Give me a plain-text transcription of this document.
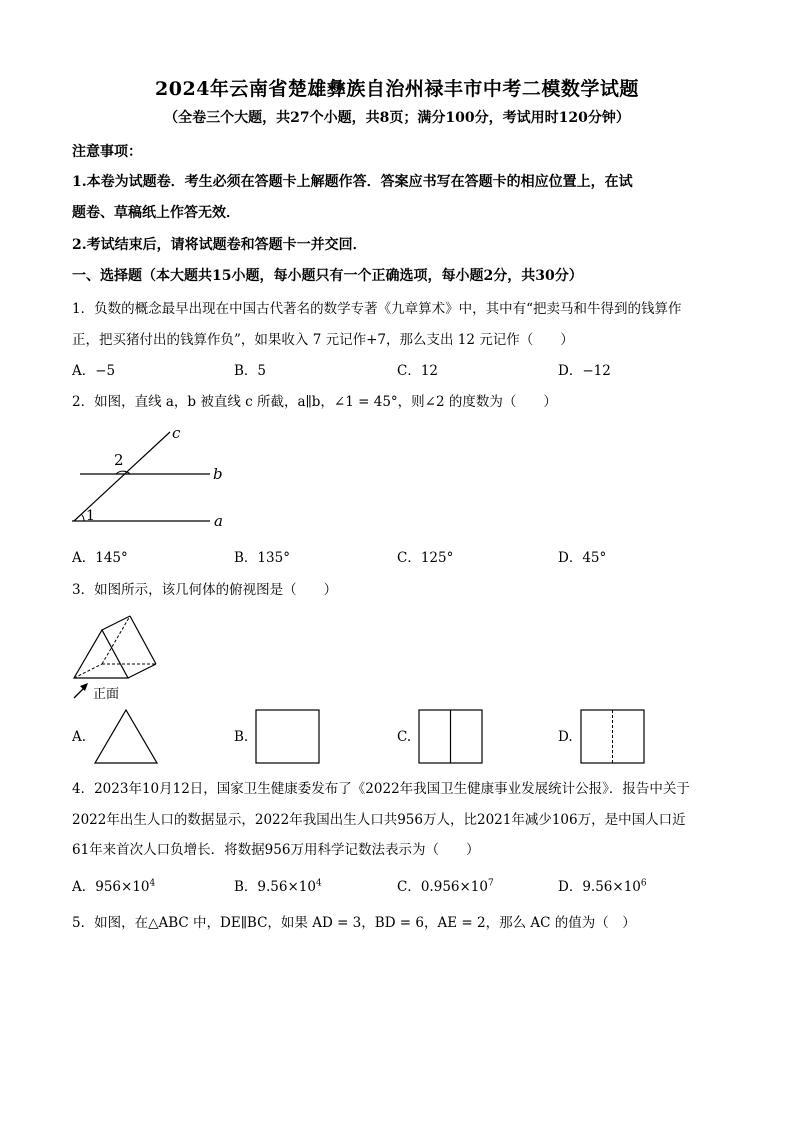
2024年云南省楚雄彝族自治州禄丰市中考二模数学试题
（全卷三个大题，共27个小题，共8页；满分100分，考试用时120分钟）
注意事项：
1.本卷为试题卷．考生必须在答题卡上解题作答．答案应书写在答题卡的相应位置上，在试
题卷、草稿纸上作答无效．
2.考试结束后，请将试题卷和答题卡一并交回．
一、选择题（本大题共15小题，每小题只有一个正确选项，每小题2分，共30分）
1．负数的概念最早出现在中国古代著名的数学专著《九章算术》中，其中有“把卖马和牛得到的钱算作
正，把买猪付出的钱算作负”，如果收入 7 元记作+7，那么支出 12 元记作（　　）
A．−5	B．5	C．12	D．−12
2．如图，直线 a，b 被直线 c 所截，a∥b，∠1 = 45°，则∠2 的度数为（　　）
c
b
a
1
2
A．145°	B．135°	C．125°	D．45°
3．如图所示，该几何体的俯视图是（　　）
正面
A.	B.	C.	D.
4．2023年10月12日，国家卫生健康委发布了《2022年我国卫生健康事业发展统计公报》．报告中关于
2022年出生人口的数据显示，2022年我国出生人口共956万人，比2021年减少106万，是中国人口近
61年来首次人口负增长．将数据956万用科学记数法表示为（　　）
A．$956\times 10^4$	B．$9.56\times 10^4$	C．$0.956\times 10^7$	D．$9.56\times 10^6$
5．如图，在△ABC 中，DE∥BC，如果 AD = 3，BD = 6，AE = 2，那么 AC 的值为（　）
